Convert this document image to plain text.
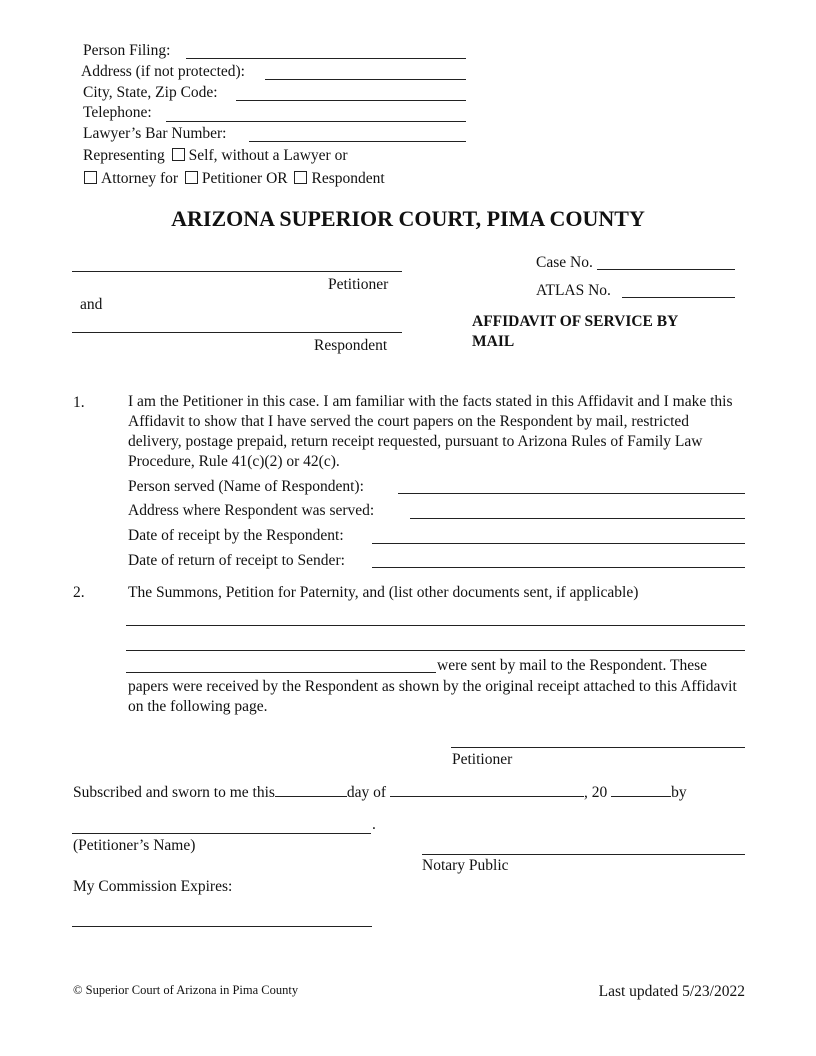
Person Filing:
Address (if not protected):
City, State, Zip Code:
Telephone:
Lawyer’s Bar Number:
Representing Self, without a Lawyer or
Attorney for Petitioner OR Respondent
ARIZONA SUPERIOR COURT, PIMA COUNTY
Petitioner
and
Respondent
Case No.
ATLAS No.
AFFIDAVIT OF SERVICE BY
MAIL
1.	I am the Petitioner in this case. I am familiar with the facts stated in this Affidavit and I make this Affidavit to show that I have served the court papers on the Respondent by mail, restricted delivery, postage prepaid, return receipt requested, pursuant to Arizona Rules of Family Law Procedure, Rule 41(c)(2) or 42(c).
Person served (Name of Respondent):
Address where Respondent was served:
Date of receipt by the Respondent:
Date of return of receipt to Sender:
2.	The Summons, Petition for Paternity, and (list other documents sent, if applicable)
were sent by mail to the Respondent. These
papers were received by the Respondent as shown by the original receipt attached to this Affidavit on the following page.
Petitioner
Subscribed and sworn to me this	day of	, 20	by
.
(Petitioner’s Name)
Notary Public
My Commission Expires:
© Superior Court of Arizona in Pima County	Last updated 5/23/2022
